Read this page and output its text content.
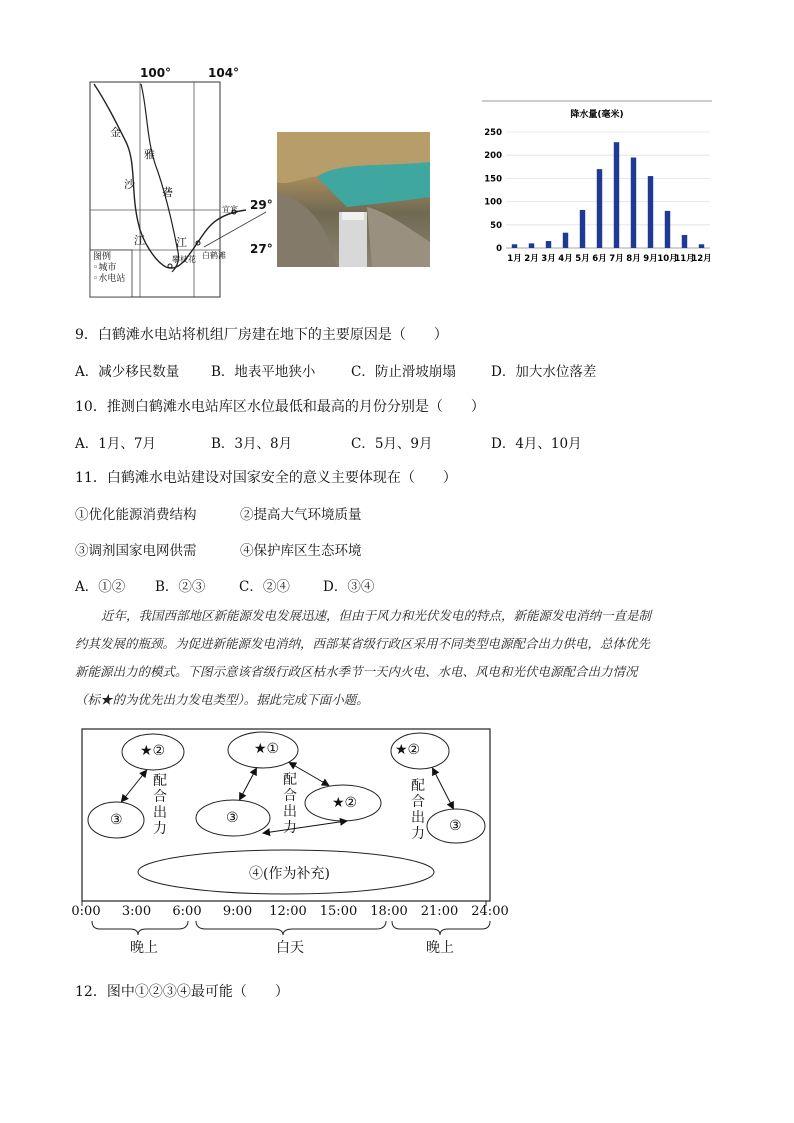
100°	104°
29°
27°
金
沙
江
雅
砻
江
宜宾
攀枝花 白鹤滩
图例
◦城市
◦水电站
0
50
100
150
200
250
1月 2月 3月 4月 5月 6月 7月 8月 9月 10月
11月
12月
降水量(毫米)
9．白鹤滩水电站将机组厂房建在地下的主要原因是（　　）
A．减少移民数量 B．地表平地狭小	C．防止滑坡崩塌	D．加大水位落差
10．推测白鹤滩水电站库区水位最低和最高的月份分别是（　　）
A．1月、7月	B．3月、8月	C．5月、9月	D．4月、10月
11．白鹤滩水电站建设对国家安全的意义主要体现在（　　）
①优化能源消费结构	②提高大气环境质量
③调剂国家电网供需	④保护库区生态环境
A．①② B．②③ C．②④ D．③④
近年，我国西部地区新能源发电发展迅速，但由于风力和光伏发电的特点，新能源发电消纳一直是制
约其发展的瓶颈。为促进新能源发电消纳，西部某省级行政区采用不同类型电源配合出力供电，总体优先
新能源出力的模式。下图示意该省级行政区枯水季节一天内火电、水电、风电和光伏电源配合出力情况
（标★的为优先出力发电类型）。据此完成下面小题。
★②
③
★①
③
★②
★②
③
④(作为补充)
配合出力
配合出力
配合出力
0:00	3:00	6:00	9:00	12:00 15:00 18:00 21:00 24:00
晚上	白天	晚上
12．图中①②③④最可能（　　）
